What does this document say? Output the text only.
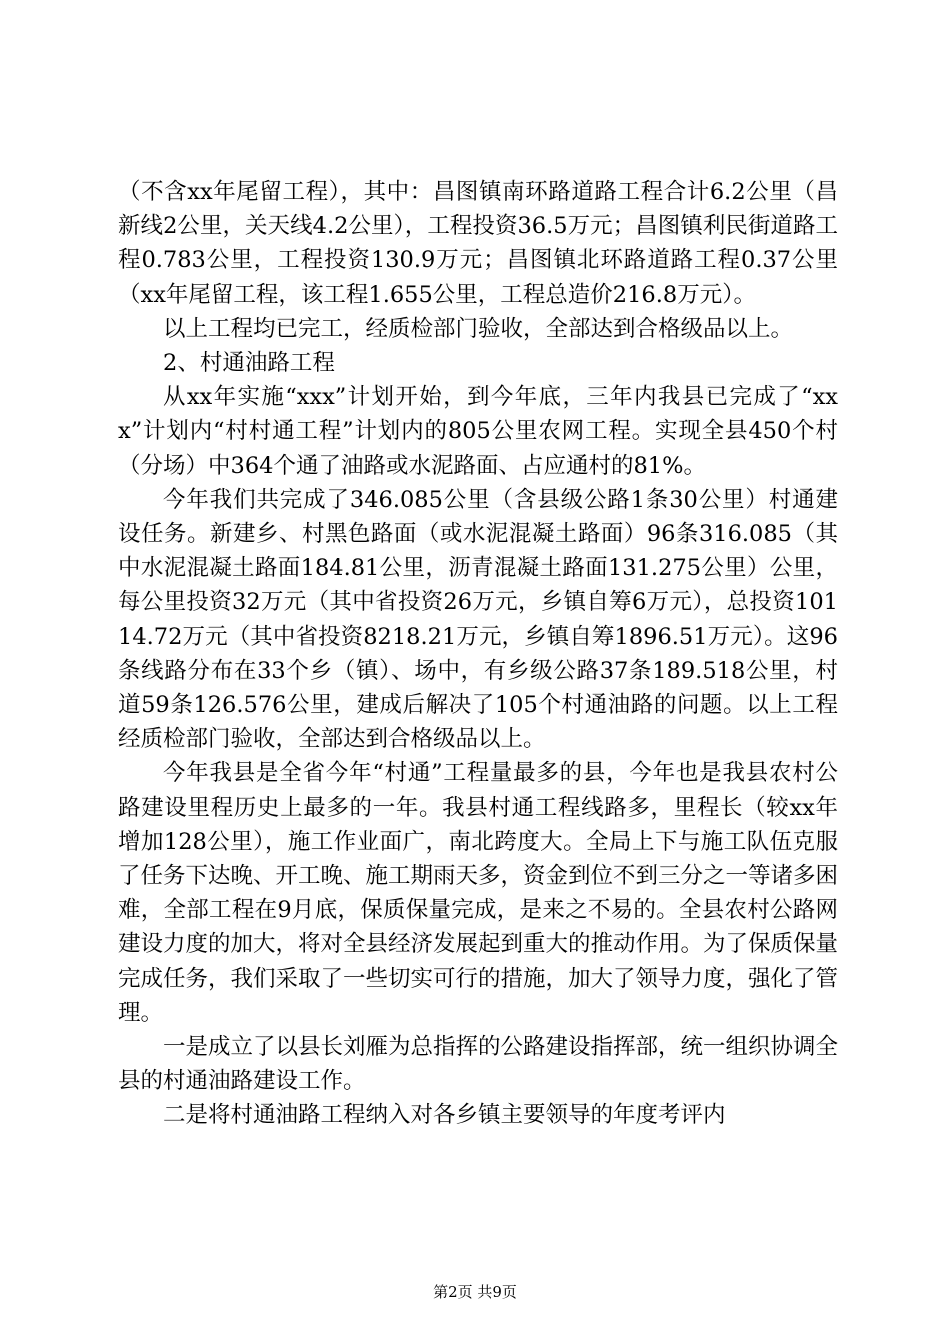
（不含xx年尾留工程），其中：昌图镇南环路道路工程合计6.2公里（昌新线2公里，关天线4.2公里），工程投资36.5万元；昌图镇利民街道路工程0.783公里，工程投资130.9万元；昌图镇北环路道路工程0.37公里（xx年尾留工程，该工程1.655公里，工程总造价216.8万元）。

以上工程均已完工，经质检部门验收，全部达到合格级品以上。

2、村通油路工程

从xx年实施“xxx”计划开始，到今年底，三年内我县已完成了“xxx”计划内“村村通工程”计划内的805公里农网工程。实现全县450个村（分场）中364个通了油路或水泥路面、占应通村的81%。

今年我们共完成了346.085公里（含县级公路1条30公里）村通建设任务。新建乡、村黑色路面（或水泥混凝土路面）96条316.085（其中水泥混凝土路面184.81公里，沥青混凝土路面131.275公里）公里，每公里投资32万元（其中省投资26万元，乡镇自筹6万元），总投资10114.72万元（其中省投资8218.21万元，乡镇自筹1896.51万元）。这96条线路分布在33个乡（镇）、场中，有乡级公路37条189.518公里，村道59条126.576公里，建成后解决了105个村通油路的问题。以上工程经质检部门验收，全部达到合格级品以上。

今年我县是全省今年“村通”工程量最多的县，今年也是我县农村公路建设里程历史上最多的一年。我县村通工程线路多，里程长（较xx年增加128公里），施工作业面广，南北跨度大。全局上下与施工队伍克服了任务下达晚、开工晚、施工期雨天多，资金到位不到三分之一等诸多困难，全部工程在9月底，保质保量完成，是来之不易的。全县农村公路网建设力度的加大，将对全县经济发展起到重大的推动作用。为了保质保量完成任务，我们采取了一些切实可行的措施，加大了领导力度，强化了管理。

一是成立了以县长刘雁为总指挥的公路建设指挥部，统一组织协调全县的村通油路建设工作。

二是将村通油路工程纳入对各乡镇主要领导的年度考评内

第2页 共9页
